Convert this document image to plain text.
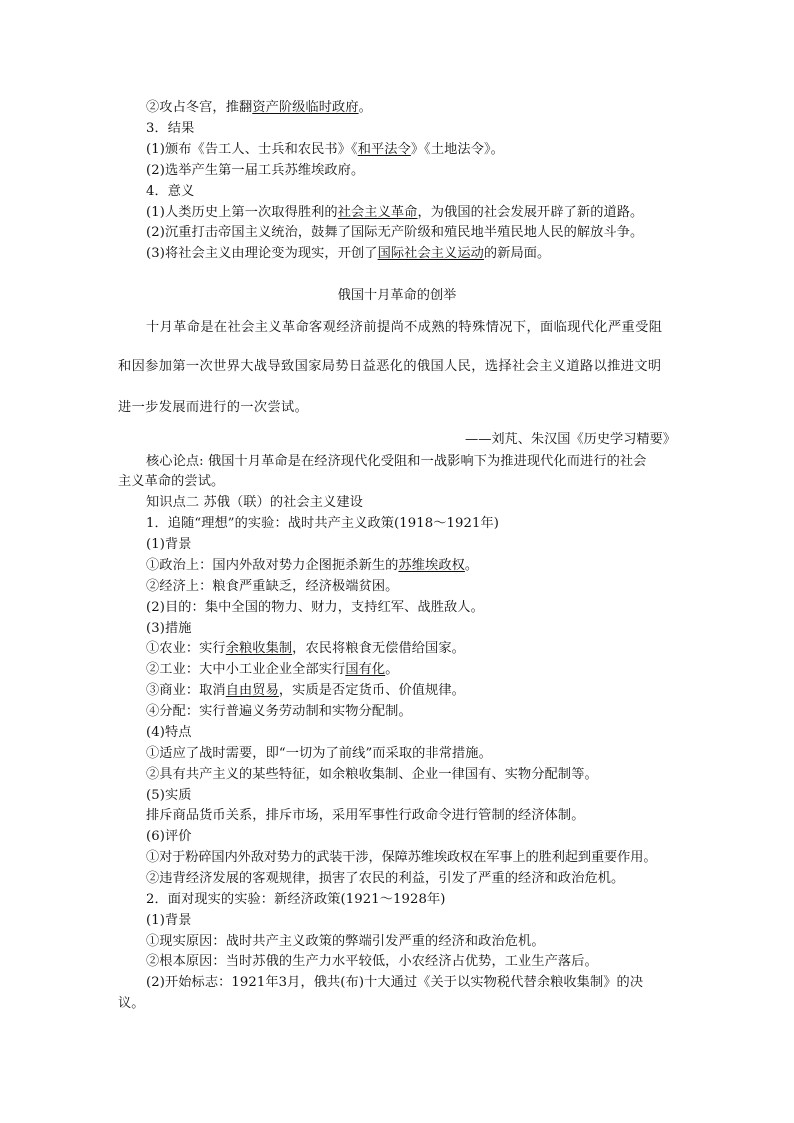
②攻占冬宫，推翻资产阶级临时政府。
3．结果
(1)颁布《告工人、士兵和农民书》《和平法令》《土地法令》。
(2)选举产生第一届工兵苏维埃政府。
4．意义
(1)人类历史上第一次取得胜利的社会主义革命，为俄国的社会发展开辟了新的道路。
(2)沉重打击帝国主义统治，鼓舞了国际无产阶级和殖民地半殖民地人民的解放斗争。
(3)将社会主义由理论变为现实，开创了国际社会主义运动的新局面。
俄国十月革命的创举
十月革命是在社会主义革命客观经济前提尚不成熟的特殊情况下，面临现代化严重受阻
和因参加第一次世界大战导致国家局势日益恶化的俄国人民，选择社会主义道路以推进文明
进一步发展而进行的一次尝试。
——刘芃、朱汉国《历史学习精要》
核心论点: 俄国十月革命是在经济现代化受阻和一战影响下为推进现代化而进行的社会
主义革命的尝试。
知识点二 苏俄（联）的社会主义建设
1．追随“理想”的实验：战时共产主义政策(1918～1921年)
(1)背景
①政治上：国内外敌对势力企图扼杀新生的苏维埃政权。
②经济上：粮食严重缺乏，经济极端贫困。
(2)目的：集中全国的物力、财力，支持红军、战胜敌人。
(3)措施
①农业：实行余粮收集制，农民将粮食无偿借给国家。
②工业：大中小工业企业全部实行国有化。
③商业：取消自由贸易，实质是否定货币、价值规律。
④分配：实行普遍义务劳动制和实物分配制。
(4)特点
①适应了战时需要，即“一切为了前线”而采取的非常措施。
②具有共产主义的某些特征，如余粮收集制、企业一律国有、实物分配制等。
(5)实质
排斥商品货币关系，排斥市场，采用军事性行政命令进行管制的经济体制。
(6)评价
①对于粉碎国内外敌对势力的武装干涉，保障苏维埃政权在军事上的胜利起到重要作用。
②违背经济发展的客观规律，损害了农民的利益，引发了严重的经济和政治危机。
2．面对现实的实验：新经济政策(1921～1928年)
(1)背景
①现实原因：战时共产主义政策的弊端引发严重的经济和政治危机。
②根本原因：当时苏俄的生产力水平较低，小农经济占优势，工业生产落后。
(2)开始标志：1921年3月，俄共(布)十大通过《关于以实物税代替余粮收集制》的决
议。
